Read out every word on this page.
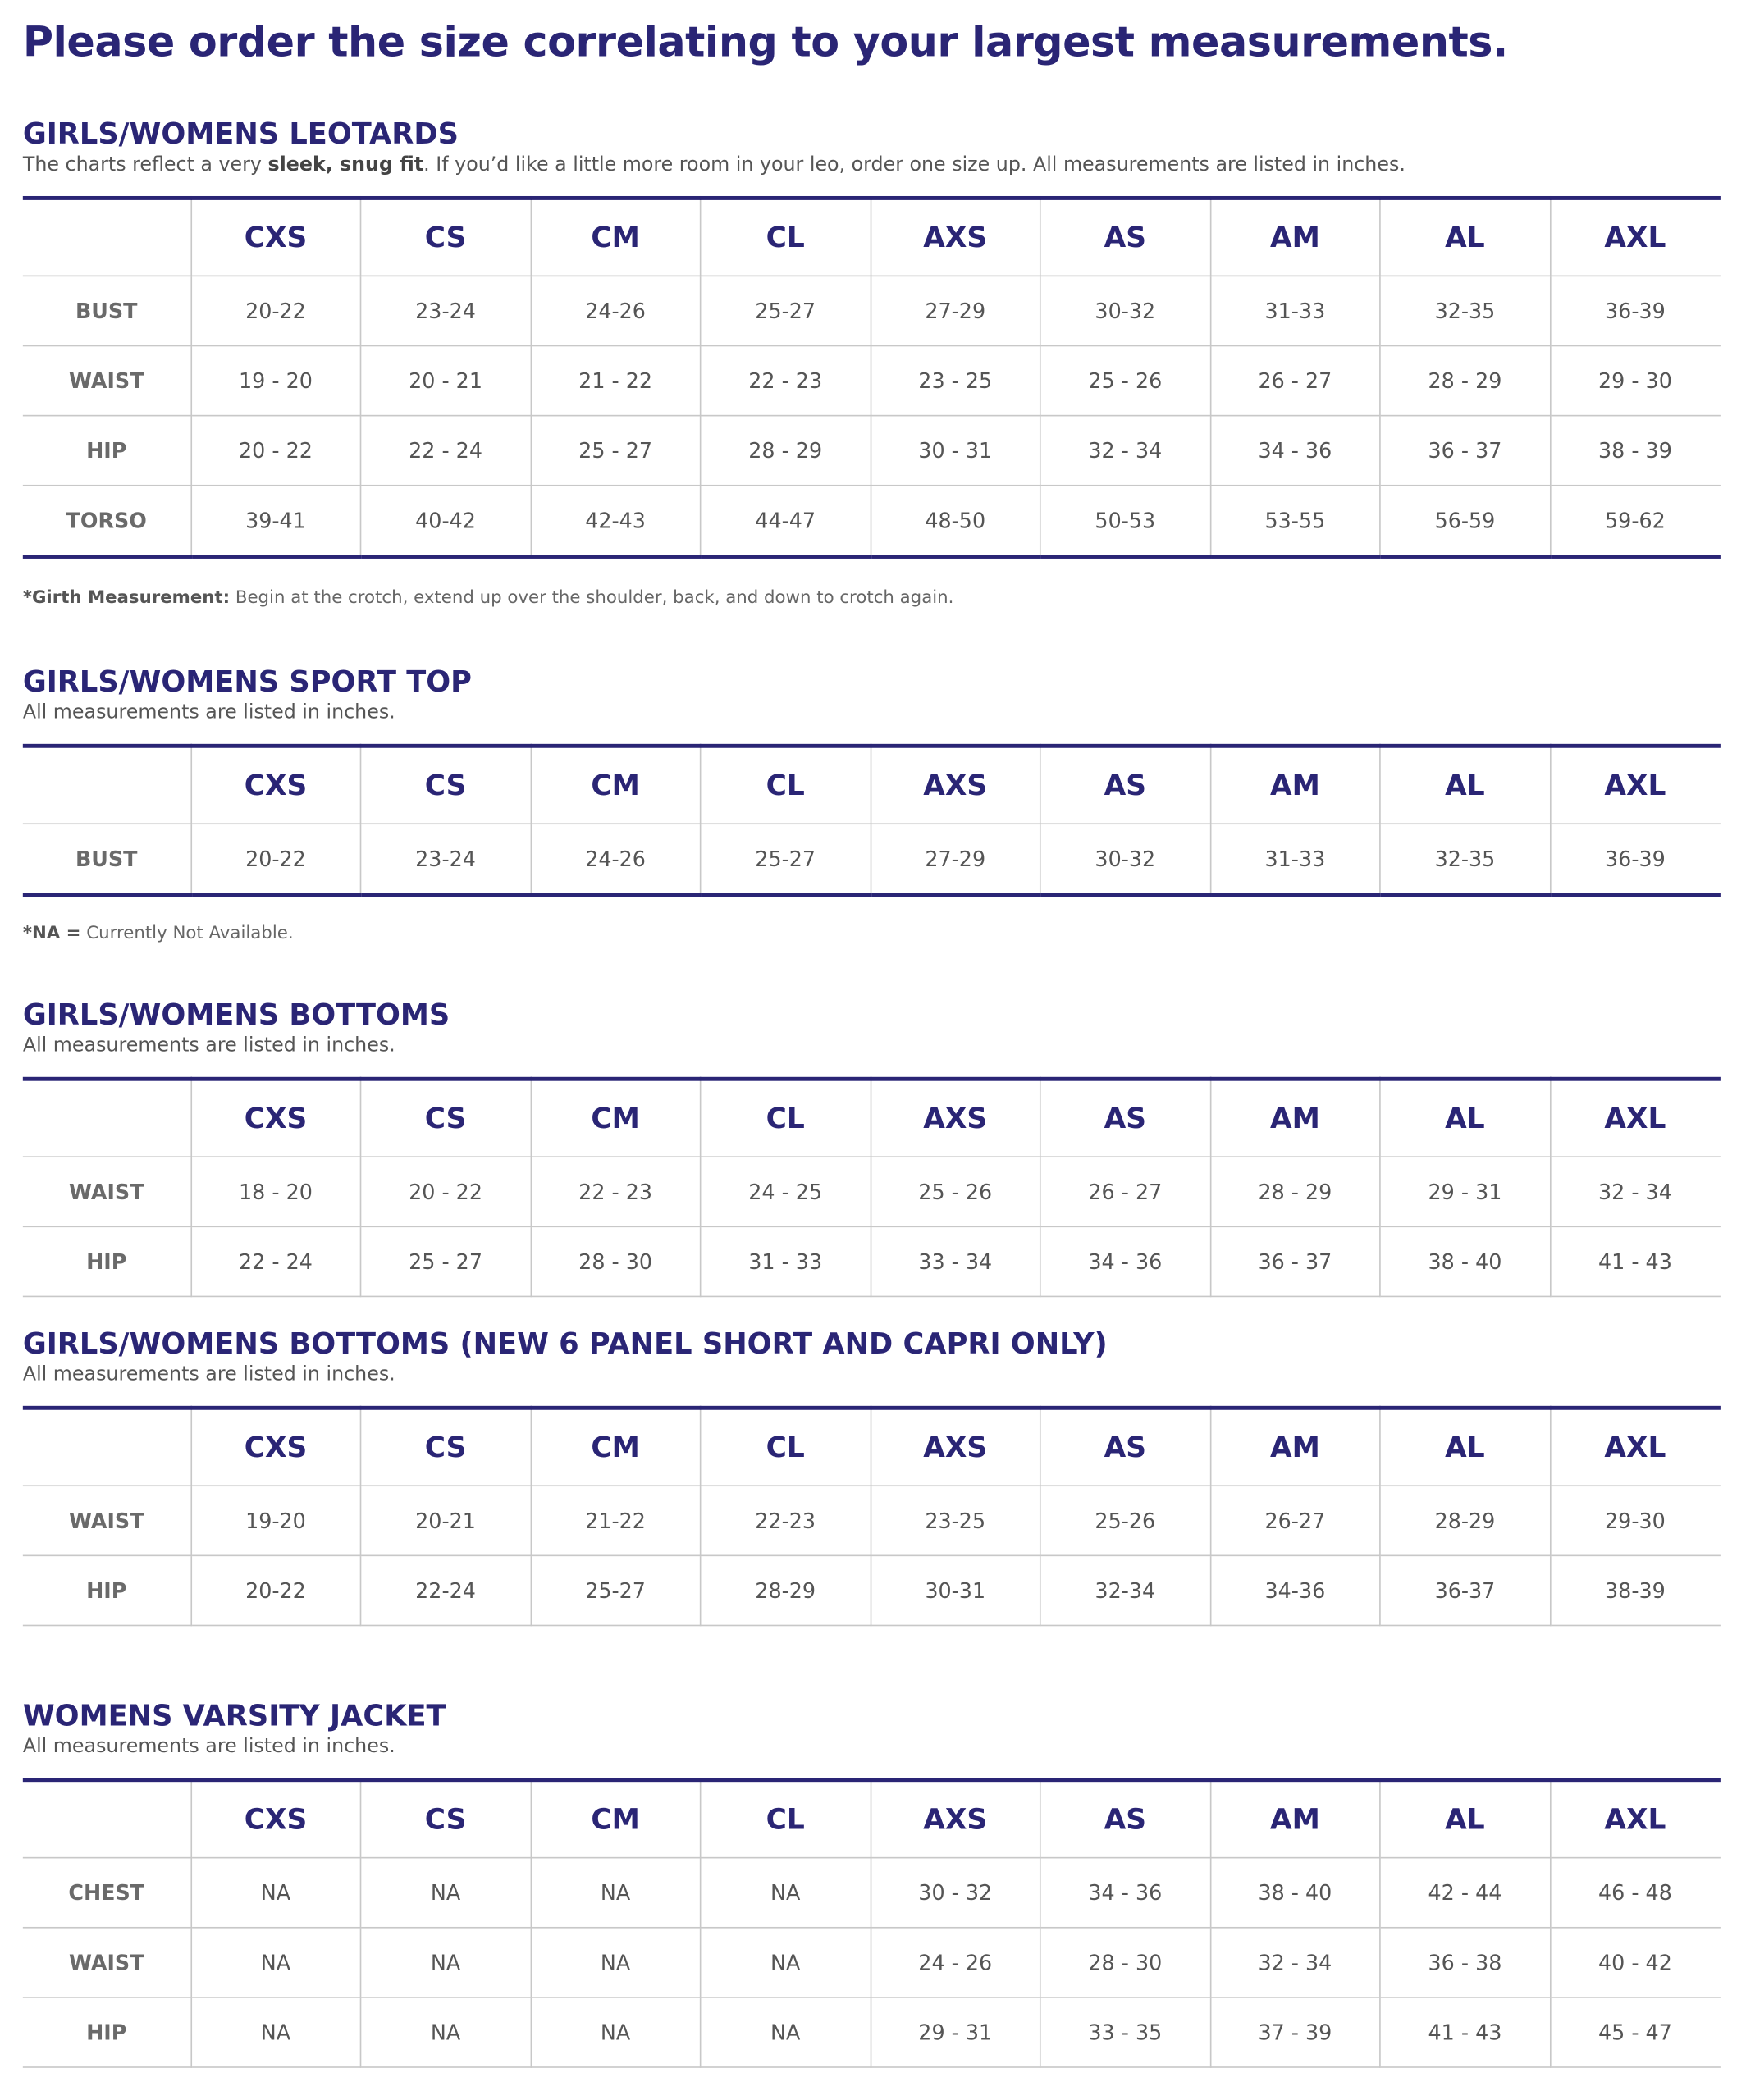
Please order the size correlating to your largest measurements.
GIRLS/WOMENS LEOTARDS

The charts reflect a very sleek, snug fit. If you’d like a little more room in your leo, order one size up. All measurements are listed in inches.

	CXS	CS	CM	CL	AXS	AS	AM	AL	AXL
BUST	20-22	23-24	24-26	25-27	27-29	30-32	31-33	32-35	36-39
WAIST	19 - 20	20 - 21	21 - 22	22 - 23	23 - 25	25 - 26	26 - 27	28 - 29	29 - 30
HIP	20 - 22	22 - 24	25 - 27	28 - 29	30 - 31	32 - 34	34 - 36	36 - 37	38 - 39
TORSO	39-41	40-42	42-43	44-47	48-50	50-53	53-55	56-59	59-62

*Girth Measurement: Begin at the crotch, extend up over the shoulder, back, and down to crotch again.

GIRLS/WOMENS SPORT TOP

All measurements are listed in inches.

	CXS	CS	CM	CL	AXS	AS	AM	AL	AXL
BUST	20-22	23-24	24-26	25-27	27-29	30-32	31-33	32-35	36-39

*NA = Currently Not Available.

GIRLS/WOMENS BOTTOMS

All measurements are listed in inches.

	CXS	CS	CM	CL	AXS	AS	AM	AL	AXL
WAIST	18 - 20	20 - 22	22 - 23	24 - 25	25 - 26	26 - 27	28 - 29	29 - 31	32 - 34
HIP	22 - 24	25 - 27	28 - 30	31 - 33	33 - 34	34 - 36	36 - 37	38 - 40	41 - 43
GIRLS/WOMENS BOTTOMS (NEW 6 PANEL SHORT AND CAPRI ONLY)

All measurements are listed in inches.

	CXS	CS	CM	CL	AXS	AS	AM	AL	AXL
WAIST	19-20	20-21	21-22	22-23	23-25	25-26	26-27	28-29	29-30
HIP	20-22	22-24	25-27	28-29	30-31	32-34	34-36	36-37	38-39
WOMENS VARSITY JACKET

All measurements are listed in inches.

	CXS	CS	CM	CL	AXS	AS	AM	AL	AXL
CHEST	NA	NA	NA	NA	30 - 32	34 - 36	38 - 40	42 - 44	46 - 48
WAIST	NA	NA	NA	NA	24 - 26	28 - 30	32 - 34	36 - 38	40 - 42
HIP	NA	NA	NA	NA	29 - 31	33 - 35	37 - 39	41 - 43	45 - 47
